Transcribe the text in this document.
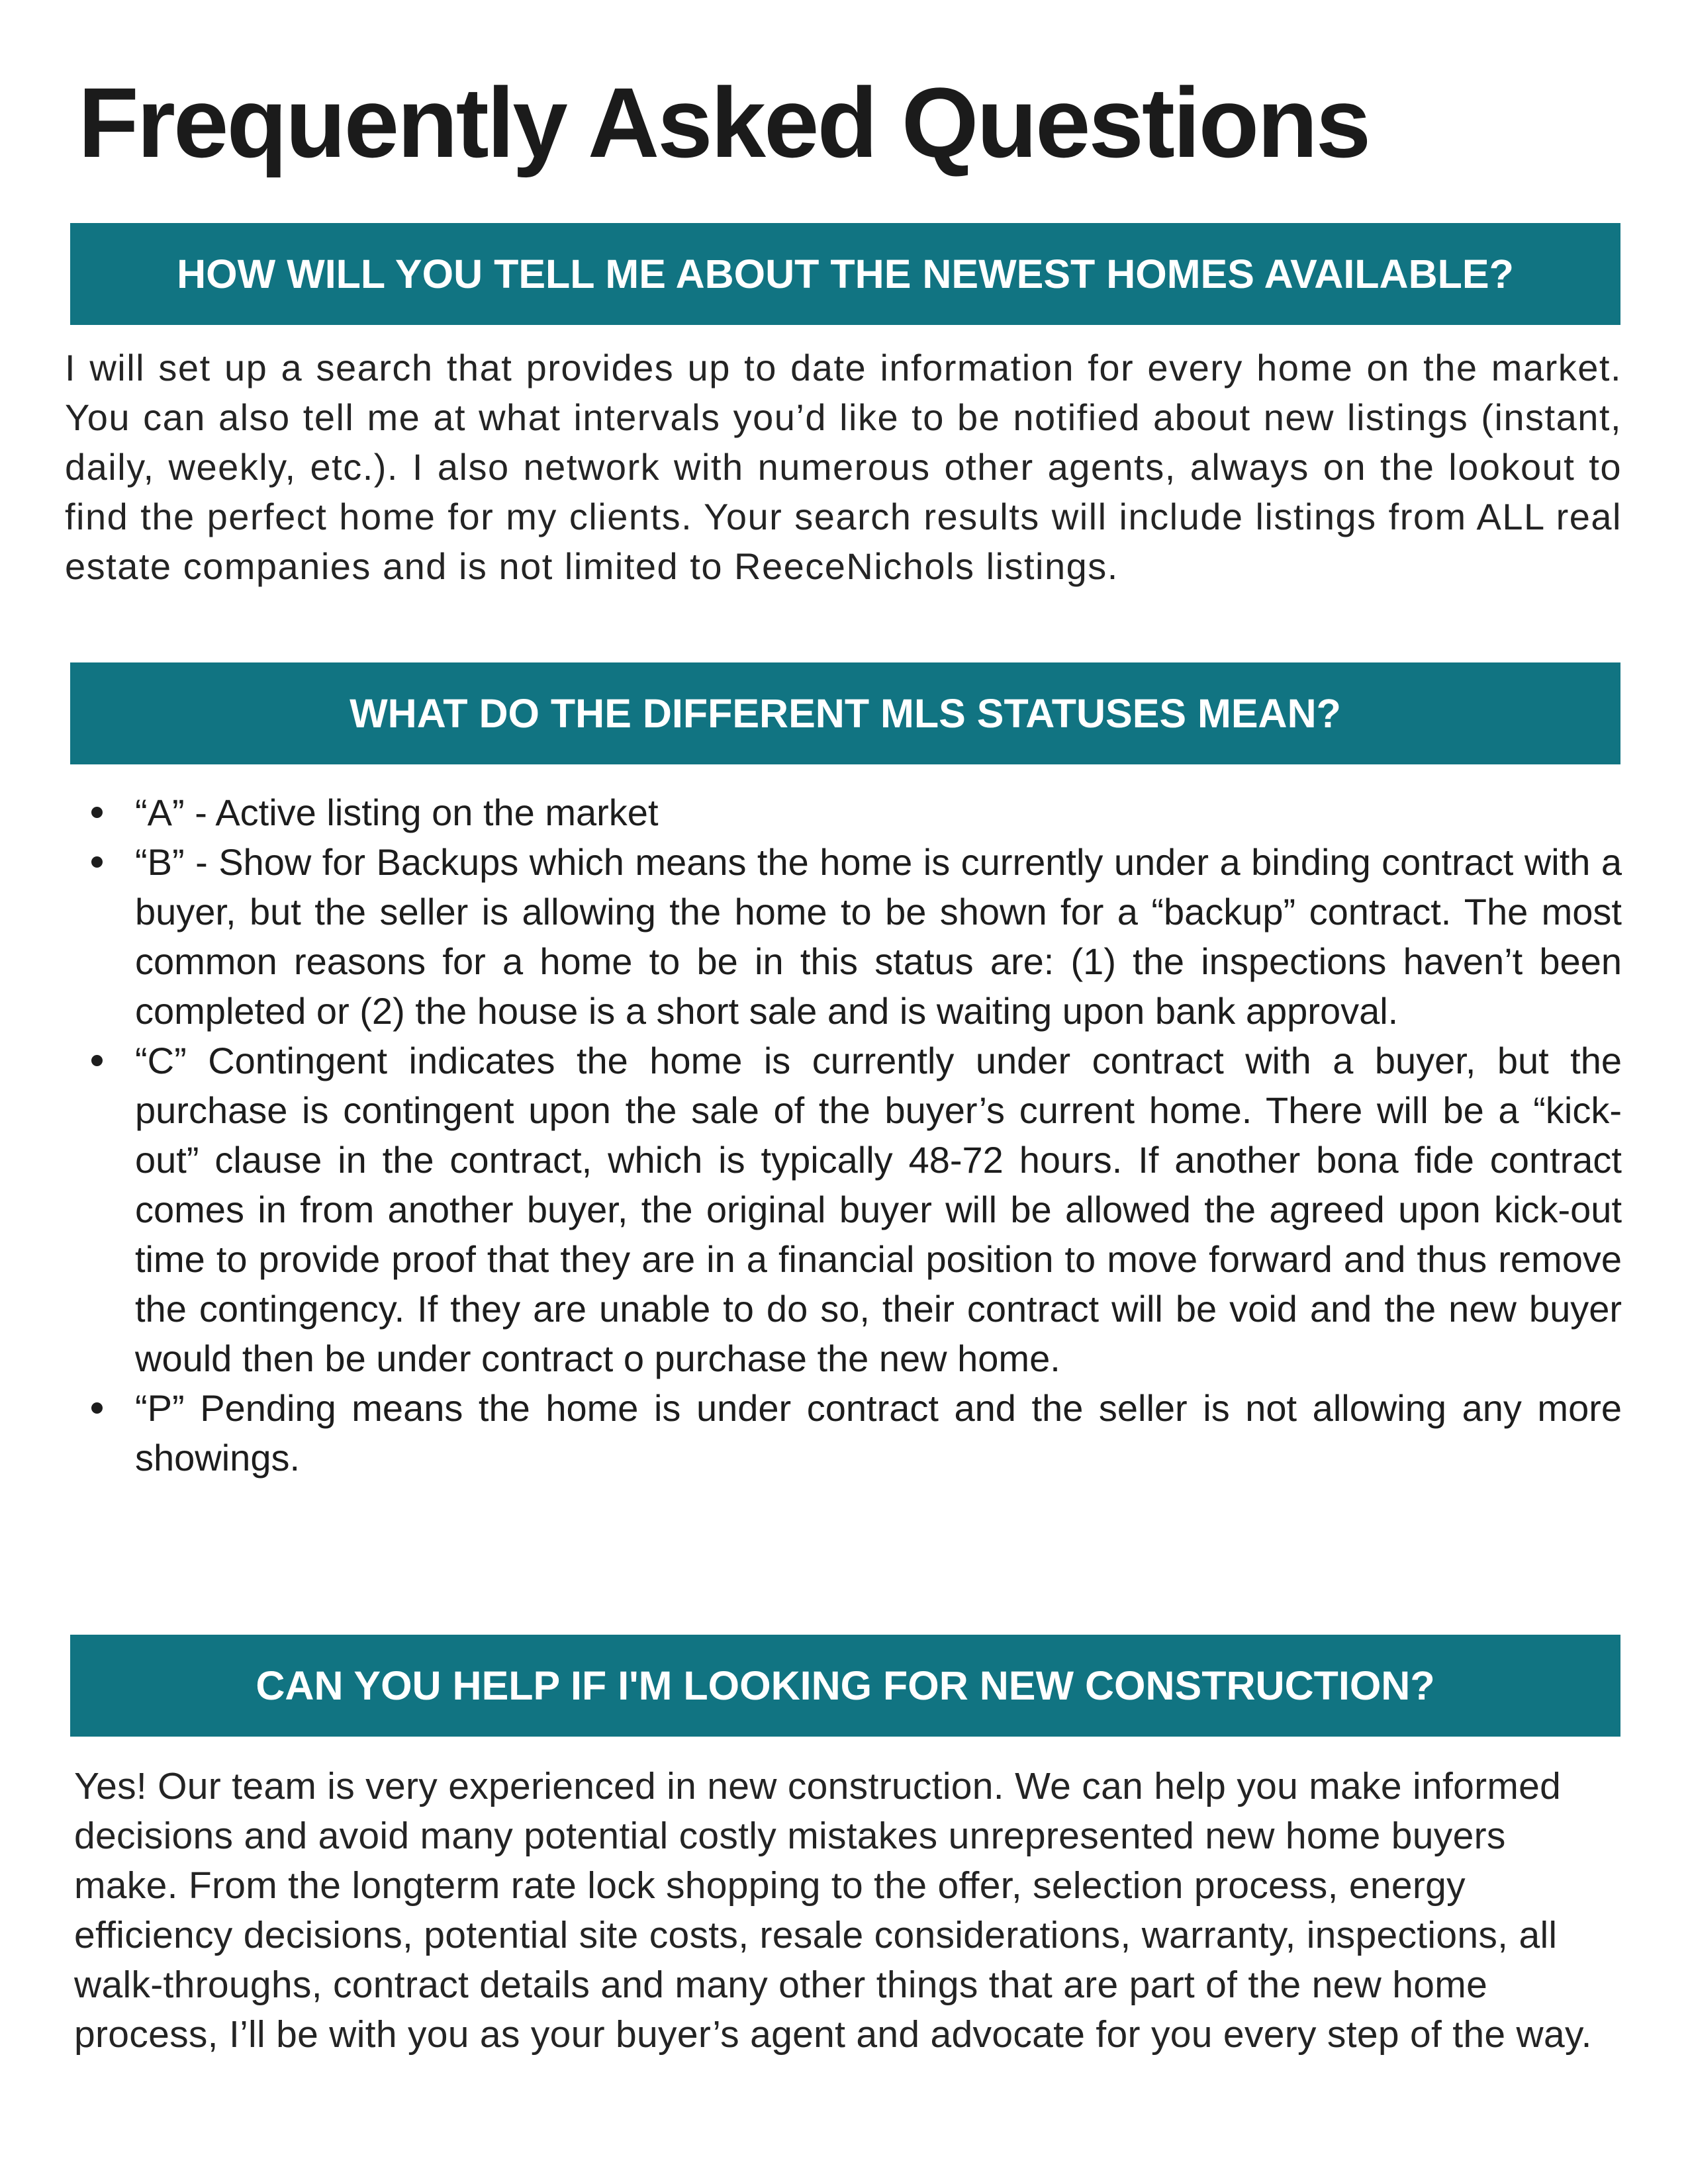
Frequently Asked Questions
HOW WILL YOU TELL ME ABOUT THE NEWEST HOMES AVAILABLE?

I will set up a search that provides up to date information for every home on the market. You can also tell me at what intervals you’d like to be notified about new listings (instant, daily, weekly, etc.). I also network with numerous other agents, always on the lookout to find the perfect home for my clients. Your search results will include listings from ALL real estate companies and is not limited to ReeceNichols listings.

WHAT DO THE DIFFERENT MLS STATUSES MEAN?
“A” - Active listing on the market
“B” - Show for Backups which means the home is currently under a binding contract with a buyer, but the seller is allowing the home to be shown for a “backup” contract. The most common reasons for a home to be in this status are: (1) the inspections haven’t been completed or (2) the house is a short sale and is waiting upon bank approval.
“C” Contingent indicates the home is currently under contract with a buyer, but the purchase is contingent upon the sale of the buyer’s current home. There will be a “kick-out” clause in the contract, which is typically 48-72 hours. If another bona fide contract comes in from another buyer, the original buyer will be allowed the agreed upon kick-out time to provide proof that they are in a financial position to move forward and thus remove the contingency. If they are unable to do so, their contract will be void and the new buyer would then be under contract o purchase the new home.
“P” Pending means the home is under contract and the seller is not allowing any more showings.
CAN YOU HELP IF I'M LOOKING FOR NEW CONSTRUCTION?

Yes! Our team is very experienced in new construction. We can help you make informed decisions and avoid many potential costly mistakes unrepresented new home buyers make. From the longterm rate lock shopping to the offer, selection process, energy efficiency decisions, potential site costs, resale considerations, warranty, inspections, all walk-throughs, contract details and many other things that are part of the new home process, I’ll be with you as your buyer’s agent and advocate for you every step of the way.
